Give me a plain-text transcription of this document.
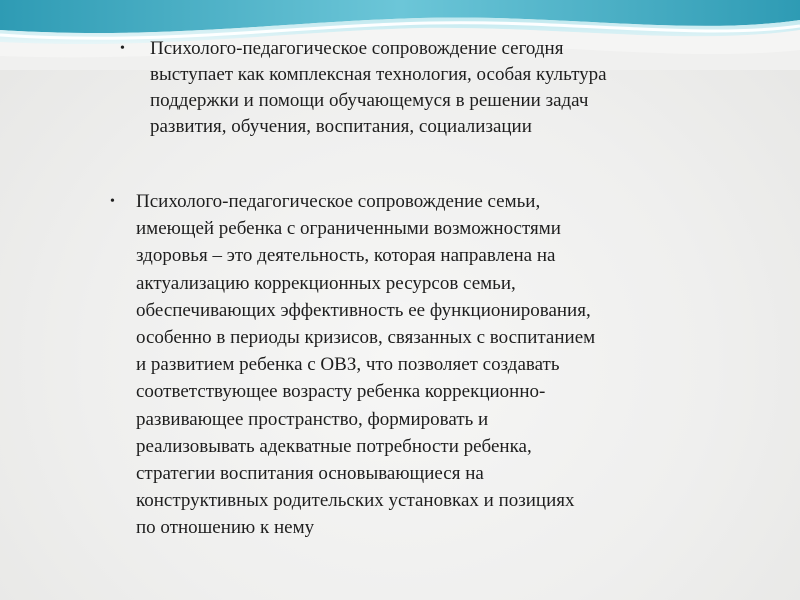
• Психолого-педагогическое сопровождение сегодня
выступает как комплексная технология, особая культура
поддержки и помощи обучающемуся в решении задач
развития, обучения, воспитания, социализации
• Психолого-педагогическое сопровождение семьи,
имеющей ребенка с ограниченными возможностями
здоровья – это деятельность, которая направлена на
актуализацию коррекционных ресурсов семьи,
обеспечивающих эффективность ее функционирования,
особенно в периоды кризисов, связанных с воспитанием
и развитием ребенка с ОВЗ, что позволяет создавать
соответствующее возрасту ребенка коррекционно-
развивающее пространство, формировать и
реализовывать адекватные потребности ребенка,
стратегии воспитания основывающиеся на
конструктивных родительских установках и позициях
по отношению к нему
